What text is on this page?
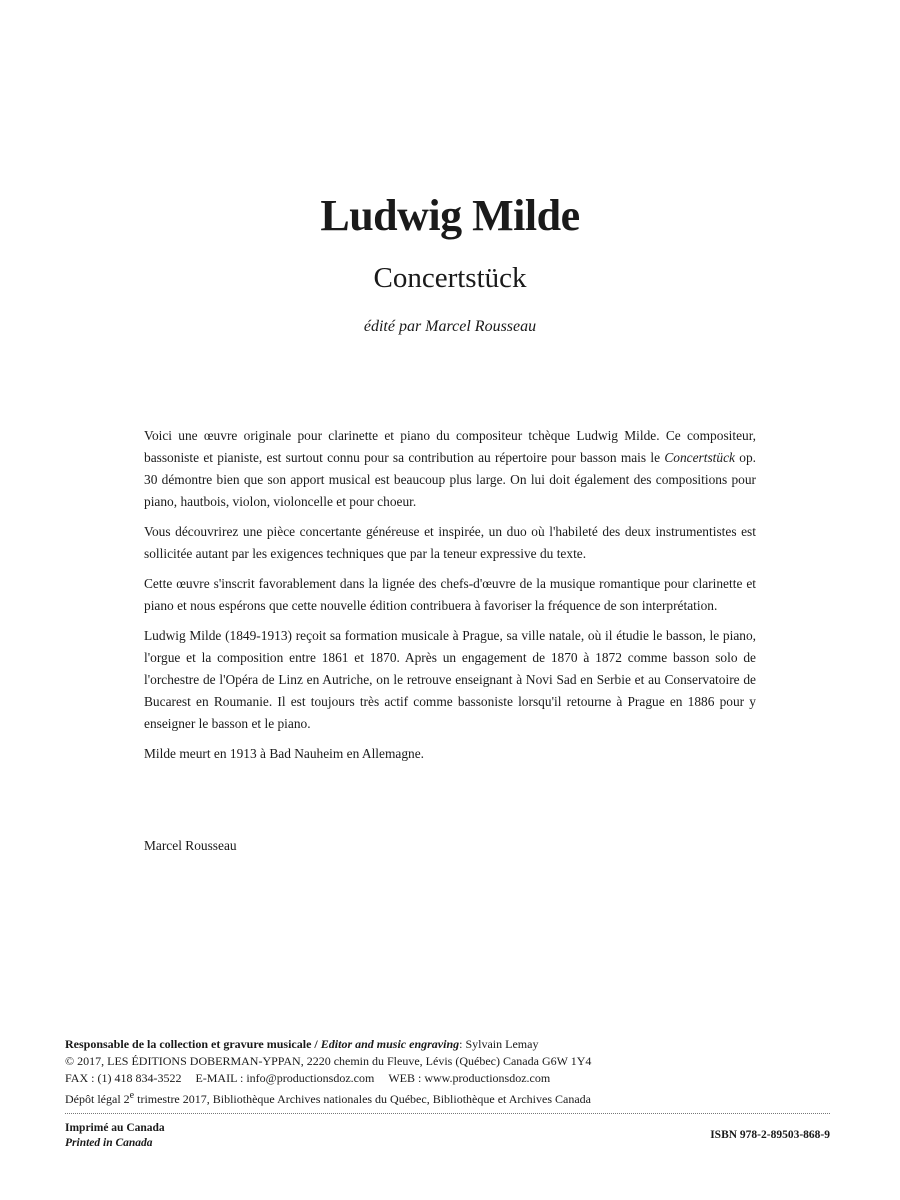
Ludwig Milde
Concertstück
édité par Marcel Rousseau

Voici une œuvre originale pour clarinette et piano du compositeur tchèque Ludwig Milde. Ce compositeur, bassoniste et pianiste, est surtout connu pour sa contribution au répertoire pour basson mais le Concertstück op. 30 démontre bien que son apport musical est beaucoup plus large. On lui doit également des compositions pour piano, hautbois, violon, violoncelle et pour choeur.

Vous découvrirez une pièce concertante généreuse et inspirée, un duo où l'habileté des deux instrumentistes est sollicitée autant par les exigences techniques que par la teneur expressive du texte.

Cette œuvre s'inscrit favorablement dans la lignée des chefs-d'œuvre de la musique romantique pour clarinette et piano et nous espérons que cette nouvelle édition contribuera à favoriser la fréquence de son interprétation.

Ludwig Milde (1849-1913) reçoit sa formation musicale à Prague, sa ville natale, où il étudie le basson, le piano, l'orgue et la composition entre 1861 et 1870. Après un engagement de 1870 à 1872 comme basson solo de l'orchestre de l'Opéra de Linz en Autriche, on le retrouve enseignant à Novi Sad en Serbie et au Conservatoire de Bucarest en Roumanie. Il est toujours très actif comme bassoniste lorsqu'il retourne à Prague en 1886 pour y enseigner le basson et le piano.

Milde meurt en 1913 à Bad Nauheim en Allemagne.

Marcel Rousseau
Responsable de la collection et gravure musicale / Editor and music engraving: Sylvain Lemay
© 2017, LES ÉDITIONS DOBERMAN-YPPAN, 2220 chemin du Fleuve, Lévis (Québec) Canada G6W 1Y4
FAX : (1) 418 834-3522 E-MAIL : info@productionsdoz.com WEB : www.productionsdoz.com
Dépôt légal 2e trimestre 2017, Bibliothèque Archives nationales du Québec, Bibliothèque et Archives Canada
Imprimé au Canada
Printed in Canada
ISBN 978-2-89503-868-9
